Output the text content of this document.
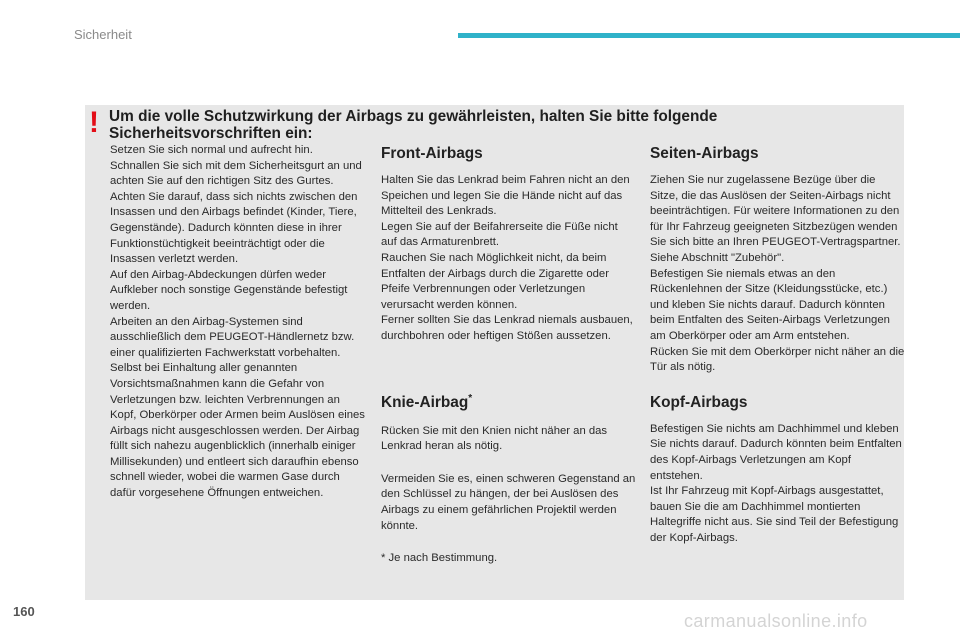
Sicherheit
! Um die volle Schutzwirkung der Airbags zu gewährleisten, halten Sie bitte folgende Sicherheitsvorschriften ein:

Setzen Sie sich normal und aufrecht hin. Schnallen Sie sich mit dem Sicherheitsgurt an und achten Sie auf den richtigen Sitz des Gurtes.

Achten Sie darauf, dass sich nichts zwischen den Insassen und den Airbags befindet (Kinder, Tiere, Gegenstände). Dadurch könnten diese in ihrer Funktionstüchtigkeit beeinträchtigt oder die Insassen verletzt werden.

Auf den Airbag-Abdeckungen dürfen weder Aufkleber noch sonstige Gegenstände befestigt werden.

Arbeiten an den Airbag-Systemen sind ausschließlich dem PEUGEOT-Händlernetz bzw. einer qualifizierten Fachwerkstatt vorbehalten.

Selbst bei Einhaltung aller genannten Vorsichtsmaßnahmen kann die Gefahr von Verletzungen bzw. leichten Verbrennungen an Kopf, Oberkörper oder Armen beim Auslösen eines Airbags nicht ausgeschlossen werden. Der Airbag füllt sich nahezu augenblicklich (innerhalb einiger Millisekunden) und entleert sich daraufhin ebenso schnell wieder, wobei die warmen Gase durch dafür vorgesehene Öffnungen entweichen.

Front-Airbags

Halten Sie das Lenkrad beim Fahren nicht an den Speichen und legen Sie die Hände nicht auf das Mittelteil des Lenkrads.

Legen Sie auf der Beifahrerseite die Füße nicht auf das Armaturenbrett.

Rauchen Sie nach Möglichkeit nicht, da beim Entfalten der Airbags durch die Zigarette oder Pfeife Verbrennungen oder Verletzungen verursacht werden können.

Ferner sollten Sie das Lenkrad niemals ausbauen, durchbohren oder heftigen Stößen aussetzen.

Knie-Airbag*

Rücken Sie mit den Knien nicht näher an das Lenkrad heran als nötig.

Vermeiden Sie es, einen schweren Gegenstand an den Schlüssel zu hängen, der bei Auslösen des Airbags zu einem gefährlichen Projektil werden könnte.

* Je nach Bestimmung.

Seiten-Airbags

Ziehen Sie nur zugelassene Bezüge über die Sitze, die das Auslösen der Seiten-Airbags nicht beeinträchtigen. Für weitere Informationen zu den für Ihr Fahrzeug geeigneten Sitzbezügen wenden Sie sich bitte an Ihren PEUGEOT-Vertragspartner. Siehe Abschnitt "Zubehör".

Befestigen Sie niemals etwas an den Rückenlehnen der Sitze (Kleidungsstücke, etc.) und kleben Sie nichts darauf. Dadurch könnten beim Entfalten des Seiten-Airbags Verletzungen am Oberkörper oder am Arm entstehen.

Rücken Sie mit dem Oberkörper nicht näher an die Tür als nötig.

Kopf-Airbags

Befestigen Sie nichts am Dachhimmel und kleben Sie nichts darauf. Dadurch könnten beim Entfalten des Kopf-Airbags Verletzungen am Kopf entstehen.

Ist Ihr Fahrzeug mit Kopf-Airbags ausgestattet, bauen Sie die am Dachhimmel montierten Haltegriffe nicht aus. Sie sind Teil der Befestigung der Kopf-Airbags.

160	carmanualsonline.info
